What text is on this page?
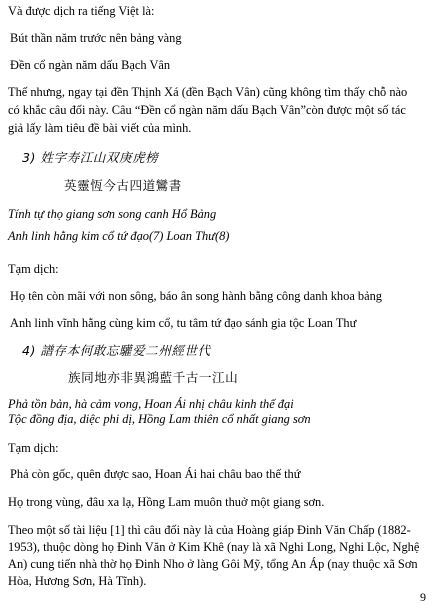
Và được dịch ra tiếng Việt là:
Bút thần năm trước nên bảng vàng
Đền cổ ngàn năm dấu Bạch Vân
Thế nhưng, ngay tại đền Thịnh Xá (đền Bạch Vân) cũng không tìm thấy chỗ nào
có khắc câu đối này. Câu “Đền cổ ngàn năm dấu Bạch Vân”còn được một số tác
giả lấy làm tiêu đề bài viết của mình.
3) 姓字寿江山双庚虎榜
英靈恆今古四道鸞書
Tính tự thọ giang sơn song canh Hổ Bảng
Anh linh hằng kim cổ tứ đạo(7) Loan Thư(8)
Tạm dịch:
Họ tên còn mãi với non sông, báo ân song hành bằng công danh khoa bảng
Anh linh vĩnh hằng cùng kim cổ, tu tâm tứ đạo sánh gia tộc Loan Thư
4) 譜存本何敢忘驩爱二州經世代
族同地亦非異鴻藍千古一江山
Phả tồn bản, hà cảm vong, Hoan Ái nhị châu kinh thế đại
Tộc đồng địa, diệc phi dị, Hồng Lam thiên cổ nhất giang sơn
Tạm dịch:
Phả còn gốc, quên được sao, Hoan Ái hai châu bao thế thứ
Họ trong vùng, đâu xa lạ, Hồng Lam muôn thuở một giang sơn.
Theo một số tài liệu [1] thì câu đối này là của Hoàng giáp Đinh Văn Chấp (1882-
1953), thuộc dòng họ Đinh Văn ở Kim Khê (nay là xã Nghi Long, Nghi Lộc, Nghệ
An) cung tiến nhà thờ họ Đinh Nho ở làng Gôi Mỹ, tổng An Áp (nay thuộc xã Sơn
Hòa, Hương Sơn, Hà Tĩnh).
9
